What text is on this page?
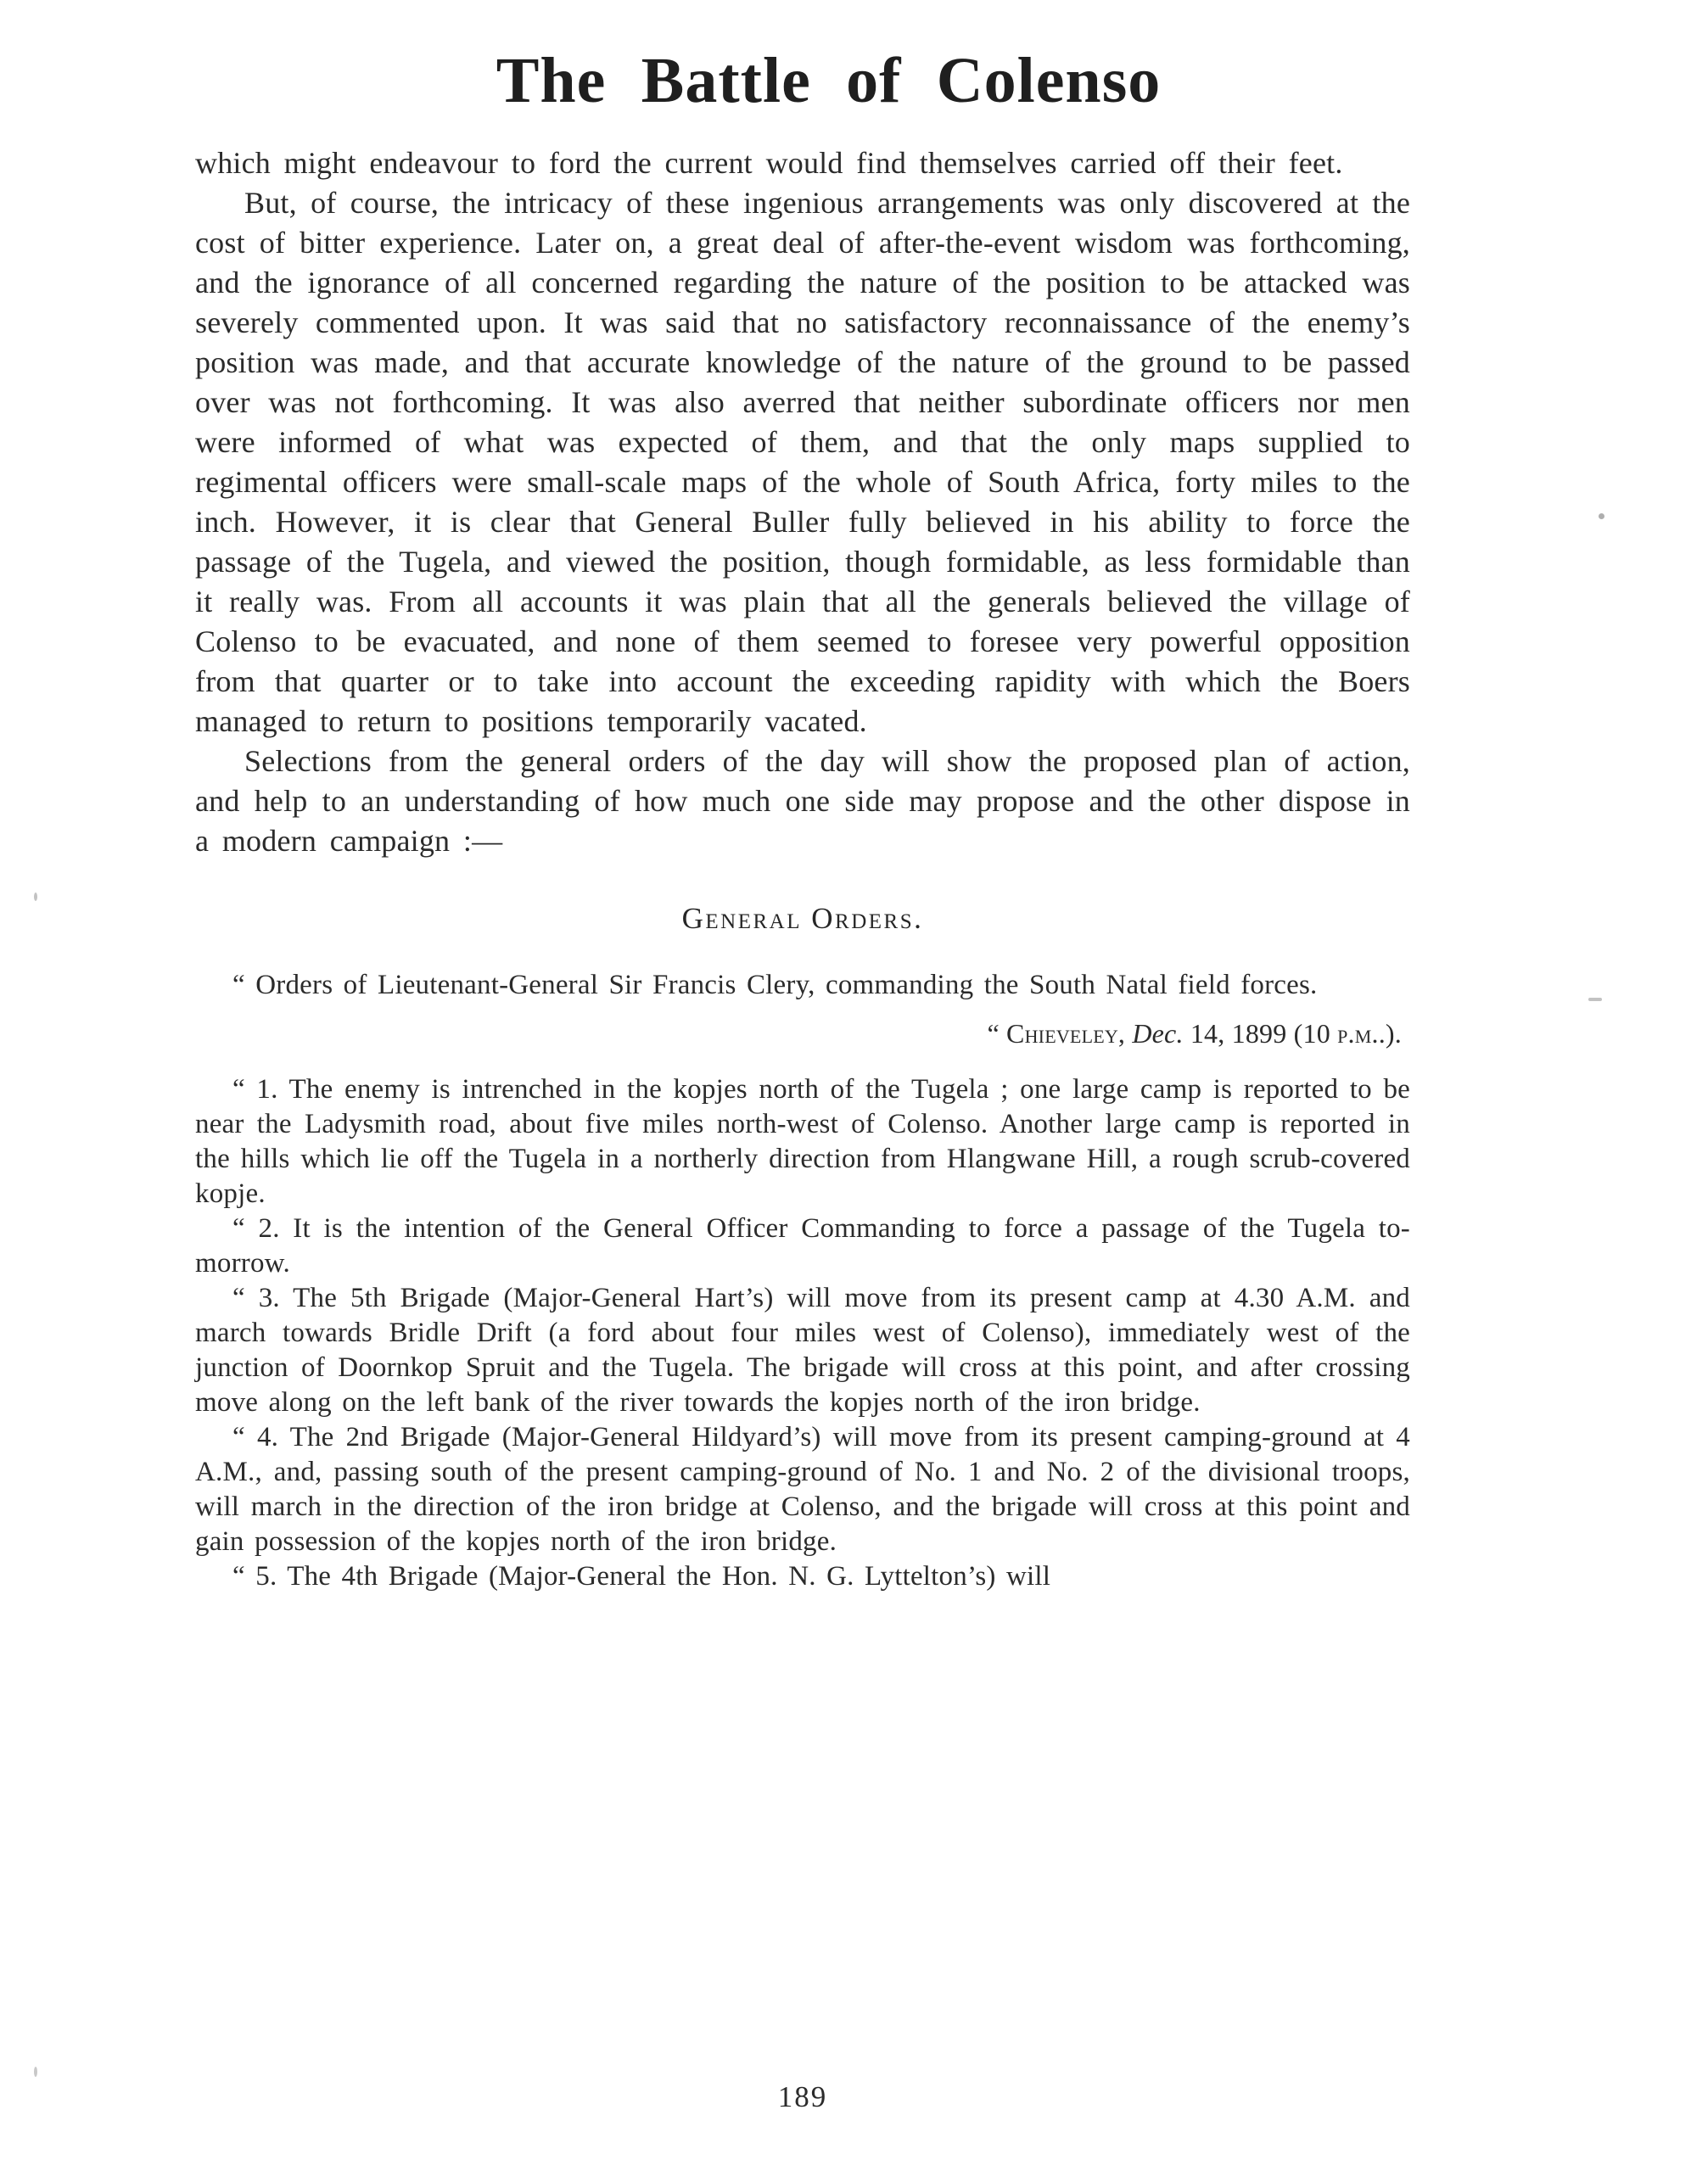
The Battle of Colenso

which might endeavour to ford the current would find themselves carried off their feet.

But, of course, the intricacy of these ingenious arrangements was only discovered at the cost of bitter experience. Later on, a great deal of after-the-event wisdom was forthcoming, and the ignorance of all concerned regarding the nature of the position to be attacked was severely commented upon. It was said that no satisfactory reconnaissance of the enemy’s position was made, and that accurate knowledge of the nature of the ground to be passed over was not forthcoming. It was also averred that neither subordinate officers nor men were informed of what was expected of them, and that the only maps supplied to regimental officers were small-scale maps of the whole of South Africa, forty miles to the inch. However, it is clear that General Buller fully believed in his ability to force the passage of the Tugela, and viewed the position, though formidable, as less formidable than it really was. From all accounts it was plain that all the generals believed the village of Colenso to be evacuated, and none of them seemed to foresee very powerful opposition from that quarter or to take into account the exceeding rapidity with which the Boers managed to return to positions temporarily vacated.

Selections from the general orders of the day will show the proposed plan of action, and help to an understanding of how much one side may propose and the other dispose in a modern campaign :—

General Orders.

“ Orders of Lieutenant-General Sir Francis Clery, commanding the South Natal field forces.

“ Chieveley, Dec. 14, 1899 (10 p.m..).

“ 1. The enemy is intrenched in the kopjes north of the Tugela ; one large camp is reported to be near the Ladysmith road, about five miles north-west of Colenso. Another large camp is reported in the hills which lie off the Tugela in a northerly direction from Hlangwane Hill, a rough scrub-covered kopje.

“ 2. It is the intention of the General Officer Commanding to force a passage of the Tugela to-morrow.

“ 3. The 5th Brigade (Major-General Hart’s) will move from its present camp at 4.30 A.M. and march towards Bridle Drift (a ford about four miles west of Colenso), immediately west of the junction of Doornkop Spruit and the Tugela. The brigade will cross at this point, and after crossing move along on the left bank of the river towards the kopjes north of the iron bridge.

“ 4. The 2nd Brigade (Major-General Hildyard’s) will move from its present camping-ground at 4 A.M., and, passing south of the present camping-ground of No. 1 and No. 2 of the divisional troops, will march in the direction of the iron bridge at Colenso, and the brigade will cross at this point and gain possession of the kopjes north of the iron bridge.

“ 5. The 4th Brigade (Major-General the Hon. N. G. Lyttelton’s) will

189
